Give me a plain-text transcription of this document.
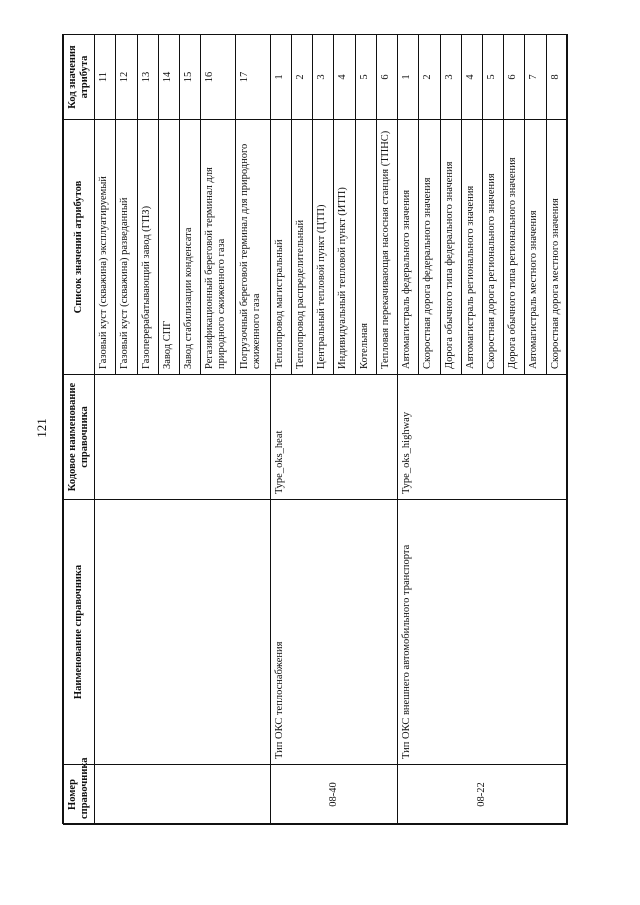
121
Номер справочника	Наименование справочника	Кодовое наименование справочника	Список значений атрибутов	Код значения атрибута
			Газовый куст (скважина) эксплуатируемый	11
			Газовый куст (скважина) разведанный	12
			Газоперерабатывающий завод (ГПЗ)	13
			Завод СПГ	14
			Завод стабилизации конденсата	15
			Регазификационный береговой терминал для природного сжиженного газа	16
			Погрузочный береговой терминал для природного сжиженного газа	17
08-40	Тип ОКС теплоснабжения	Type_oks_heat	Теплопровод магистральный	1
			Теплопровод распределительный	2
			Центральный тепловой пункт (ЦТП)	3
			Индивидуальный тепловой пункт (ИТП)	4
			Котельная	5
			Тепловая перекачивающая насосная станция (ТПНС)	6
08-22	Тип ОКС внешнего автомобильного транспорта	Type_oks_highway	Автомагистраль федерального значения	1
			Скоростная дорога федерального значения	2
			Дорога обычного типа федерального значения	3
			Автомагистраль регионального значения	4
			Скоростная дорога регионального значения	5
			Дорога обычного типа регионального значения	6
			Автомагистраль местного значения	7
			Скоростная дорога местного значения	8
